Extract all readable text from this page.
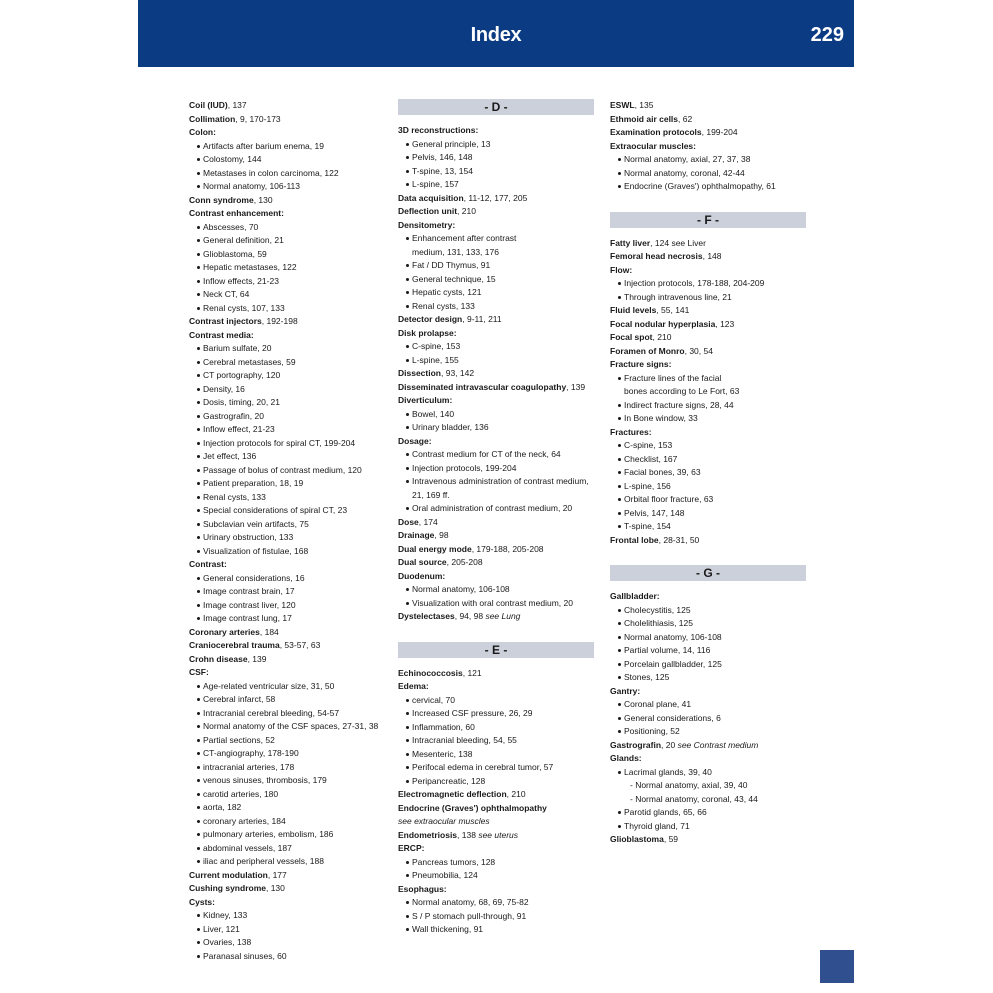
Index	229
Coil (IUD), 137
Collimation, 9, 170-173
Colon:
Artifacts after barium enema, 19
Colostomy, 144
Metastases in colon carcinoma, 122
Normal anatomy, 106-113
Conn syndrome, 130
Contrast enhancement:
Abscesses, 70
General definition, 21
Glioblastoma, 59
Hepatic metastases, 122
Inflow effects, 21-23
Neck CT, 64
Renal cysts, 107, 133
Contrast injectors, 192-198
Contrast media:
Barium sulfate, 20
Cerebral metastases, 59
CT portography, 120
Density, 16
Dosis, timing, 20, 21
Gastrografin, 20
Inflow effect, 21-23
Injection protocols for spiral CT, 199-204
Jet effect, 136
Passage of bolus of contrast medium, 120
Patient preparation, 18, 19
Renal cysts, 133
Special considerations of spiral CT, 23
Subclavian vein artifacts, 75
Urinary obstruction, 133
Visualization of fistulae, 168
Contrast:
General considerations, 16
Image contrast brain, 17
Image contrast liver, 120
Image contrast lung, 17
Coronary arteries, 184
Craniocerebral trauma, 53-57, 63
Crohn disease, 139
CSF:
Age-related ventricular size, 31, 50
Cerebral infarct, 58
Intracranial cerebral bleeding, 54-57
Normal anatomy of the CSF spaces, 27-31, 38
Partial sections, 52
CT-angiography, 178-190
intracranial arteries, 178
venous sinuses, thrombosis, 179
carotid arteries, 180
aorta, 182
coronary arteries, 184
pulmonary arteries, embolism, 186
abdominal vessels, 187
iliac and peripheral vessels, 188
Current modulation, 177
Cushing syndrome, 130
Cysts:
Kidney, 133
Liver, 121
Ovaries, 138
Paranasal sinuses, 60
- D -
3D reconstructions:
General principle, 13
Pelvis, 146, 148
T-spine, 13, 154
L-spine, 157
Data acquisition, 11-12, 177, 205
Deflection unit, 210
Densitometry:
Enhancement after contrast
medium, 131, 133, 176
Fat / DD Thymus, 91
General technique, 15
Hepatic cysts, 121
Renal cysts, 133
Detector design, 9-11, 211
Disk prolapse:
C-spine, 153
L-spine, 155
Dissection, 93, 142
Disseminated intravascular coagulopathy, 139
Diverticulum:
Bowel, 140
Urinary bladder, 136
Dosage:
Contrast medium for CT of the neck, 64
Injection protocols, 199-204
Intravenous administration of contrast medium,
21, 169 ff.
Oral administration of contrast medium, 20
Dose, 174
Drainage, 98
Dual energy mode, 179-188, 205-208
Dual source, 205-208
Duodenum:
Normal anatomy, 106-108
Visualization with oral contrast medium, 20
Dystelectases, 94, 98 see Lung
- E -
Echinococcosis, 121
Edema:
cervical, 70
Increased CSF pressure, 26, 29
Inflammation, 60
Intracranial bleeding, 54, 55
Mesenteric, 138
Perifocal edema in cerebral tumor, 57
Peripancreatic, 128
Electromagnetic deflection, 210
Endocrine (Graves') ophthalmopathy
see extraocular muscles
Endometriosis, 138 see uterus
ERCP:
Pancreas tumors, 128
Pneumobilia, 124
Esophagus:
Normal anatomy, 68, 69, 75-82
S / P stomach pull-through, 91
Wall thickening, 91
ESWL, 135
Ethmoid air cells, 62
Examination protocols, 199-204
Extraocular muscles:
Normal anatomy, axial, 27, 37, 38
Normal anatomy, coronal, 42-44
Endocrine (Graves') ophthalmopathy, 61
- F -
Fatty liver, 124 see Liver
Femoral head necrosis, 148
Flow:
Injection protocols, 178-188, 204-209
Through intravenous line, 21
Fluid levels, 55, 141
Focal nodular hyperplasia, 123
Focal spot, 210
Foramen of Monro, 30, 54
Fracture signs:
Fracture lines of the facial
bones according to Le Fort, 63
Indirect fracture signs, 28, 44
In Bone window, 33
Fractures:
C-spine, 153
Checklist, 167
Facial bones, 39, 63
L-spine, 156
Orbital floor fracture, 63
Pelvis, 147, 148
T-spine, 154
Frontal lobe, 28-31, 50
- G -
Gallbladder:
Cholecystitis, 125
Cholelithiasis, 125
Normal anatomy, 106-108
Partial volume, 14, 116
Porcelain gallbladder, 125
Stones, 125
Gantry:
Coronal plane, 41
General considerations, 6
Positioning, 52
Gastrografin, 20 see Contrast medium
Glands:
Lacrimal glands, 39, 40
- Normal anatomy, axial, 39, 40
- Normal anatomy, coronal, 43, 44
Parotid glands, 65, 66
Thyroid gland, 71
Glioblastoma, 59
